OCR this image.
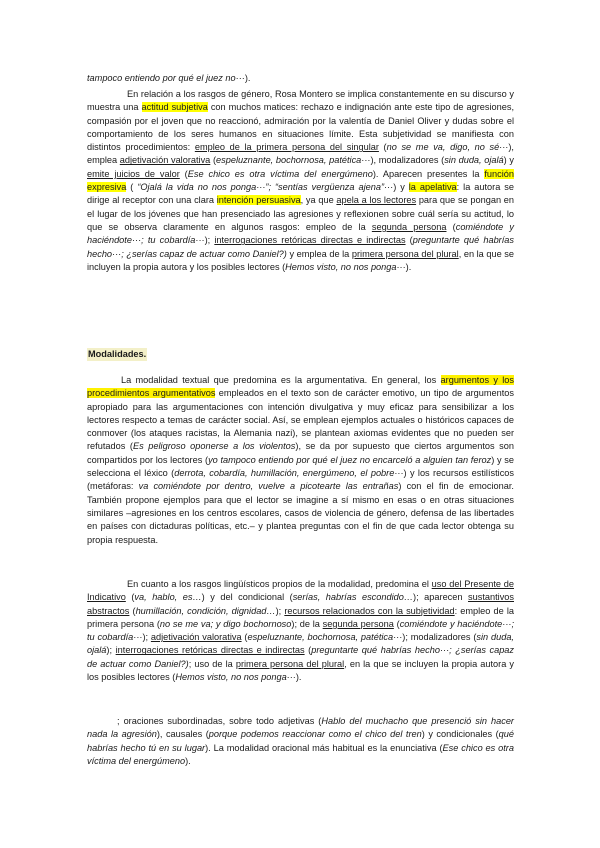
tampoco entiendo por qué el juez no···).

En relación a los rasgos de género, Rosa Montero se implica constantemente en su discurso y muestra una actitud subjetiva con muchos matices: rechazo e indignación ante este tipo de agresiones, compasión por el joven que no reaccionó, admiración por la valentía de Daniel Oliver y dudas sobre el comportamiento de los seres humanos en situaciones límite. Esta subjetividad se manifiesta con distintos procedimientos: empleo de la primera persona del singular (no se me va, digo, no sé···), emplea adjetivación valorativa (espeluznante, bochornosa, patética···), modalizadores (sin duda, ojalá) y emite juicios de valor (Ese chico es otra víctima del energúmeno). Aparecen presentes la función expresiva ( “Ojalá la vida no nos ponga···”; “sentías vergüenza ajena”···) y la apelativa: la autora se dirige al receptor con una clara intención persuasiva, ya que apela a los lectores para que se pongan en el lugar de los jóvenes que han presenciado las agresiones y reflexionen sobre cuál sería su actitud, lo que se observa claramente en algunos rasgos: empleo de la segunda persona (comiéndote y haciéndote···; tu cobardía···); interrogaciones retóricas directas e indirectas (preguntarte qué habrías hecho···; ¿serías capaz de actuar como Daniel?) y emplea de la primera persona del plural, en la que se incluyen la propia autora y los posibles lectores (Hemos visto, no nos ponga···).

Modalidades.

La modalidad textual que predomina es la argumentativa. En general, los argumentos y los procedimientos argumentativos empleados en el texto son de carácter emotivo, un tipo de argumentos apropiado para las argumentaciones con intención divulgativa y muy eficaz para sensibilizar a los lectores respecto a temas de carácter social. Así, se emplean ejemplos actuales o históricos capaces de conmover (los ataques racistas, la Alemania nazi), se plantean axiomas evidentes que no pueden ser refutados (Es peligroso oponerse a los violentos), se da por supuesto que ciertos argumentos son compartidos por los lectores (yo tampoco entiendo por qué el juez no encarceló a alguien tan feroz) y se selecciona el léxico (derrota, cobardía, humillación, energúmeno, el pobre···) y los recursos estilísticos (metáforas: va comiéndote por dentro, vuelve a picotearte las entrañas) con el fin de emocionar. También propone ejemplos para que el lector se imagine a sí mismo en esas o en otras situaciones similares –agresiones en los centros escolares, casos de violencia de género, defensa de las libertades en países con dictaduras políticas, etc.– y plantea preguntas con el fin de que cada lector obtenga su propia respuesta.

En cuanto a los rasgos lingüísticos propios de la modalidad, predomina el uso del Presente de Indicativo (va, hablo, es…) y del condicional (serías, habrías escondido…); aparecen sustantivos abstractos (humillación, condición, dignidad…); recursos relacionados con la subjetividad: empleo de la primera persona (no se me va; y digo bochornoso); de la segunda persona (comiéndote y haciéndote···; tu cobardía···); adjetivación valorativa (espeluznante, bochornosa, patética···); modalizadores (sin duda, ojalá); interrogaciones retóricas directas e indirectas (preguntarte qué habrías hecho···; ¿serías capaz de actuar como Daniel?); uso de la primera persona del plural, en la que se incluyen la propia autora y los posibles lectores (Hemos visto, no nos ponga···).

; oraciones subordinadas, sobre todo adjetivas (Hablo del muchacho que presenció sin hacer nada la agresión), causales (porque podemos reaccionar como el chico del tren) y condicionales (qué habrías hecho tú en su lugar). La modalidad oracional más habitual es la enunciativa (Ese chico es otra víctima del energúmeno).
